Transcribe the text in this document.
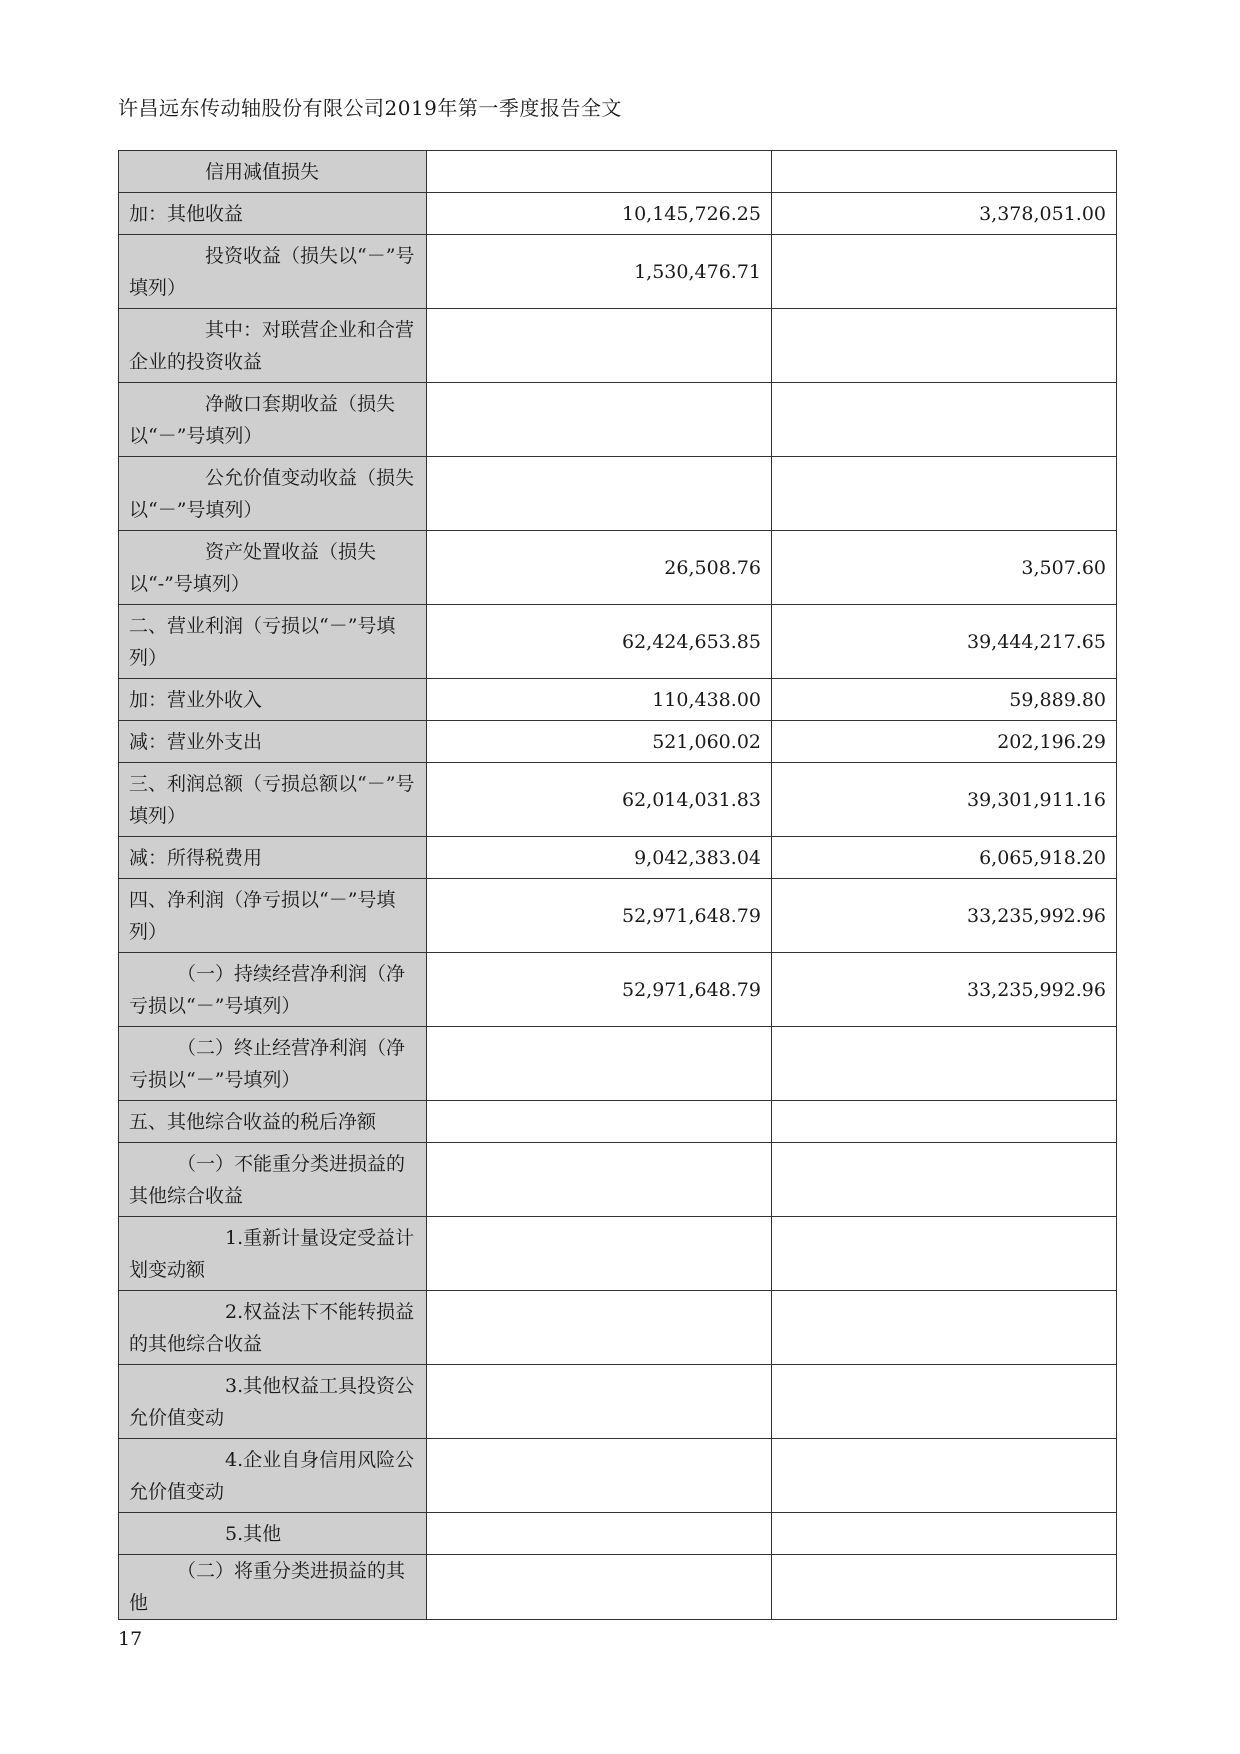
许昌远东传动轴股份有限公司2019年第一季度报告全文
信用减值损失		
加：其他收益	10,145,726.25	3,378,051.00
投资收益（损失以“－”号填列）	1,530,476.71	
其中：对联营企业和合营企业的投资收益		
净敞口套期收益（损失以“－”号填列）		
公允价值变动收益（损失以“－”号填列）		
资产处置收益（损失以“-”号填列）	26,508.76	3,507.60
二、营业利润（亏损以“－”号填列）	62,424,653.85	39,444,217.65
加：营业外收入	110,438.00	59,889.80
减：营业外支出	521,060.02	202,196.29
三、利润总额（亏损总额以“－”号填列）	62,014,031.83	39,301,911.16
减：所得税费用	9,042,383.04	6,065,918.20
四、净利润（净亏损以“－”号填列）	52,971,648.79	33,235,992.96
（一）持续经营净利润（净亏损以“－”号填列）	52,971,648.79	33,235,992.96
（二）终止经营净利润（净亏损以“－”号填列）		
五、其他综合收益的税后净额		
（一）不能重分类进损益的其他综合收益		
1.重新计量设定受益计划变动额		
2.权益法下不能转损益的其他综合收益		
3.其他权益工具投资公允价值变动		
4.企业自身信用风险公允价值变动		
5.其他		
（二）将重分类进损益的其他		
17
